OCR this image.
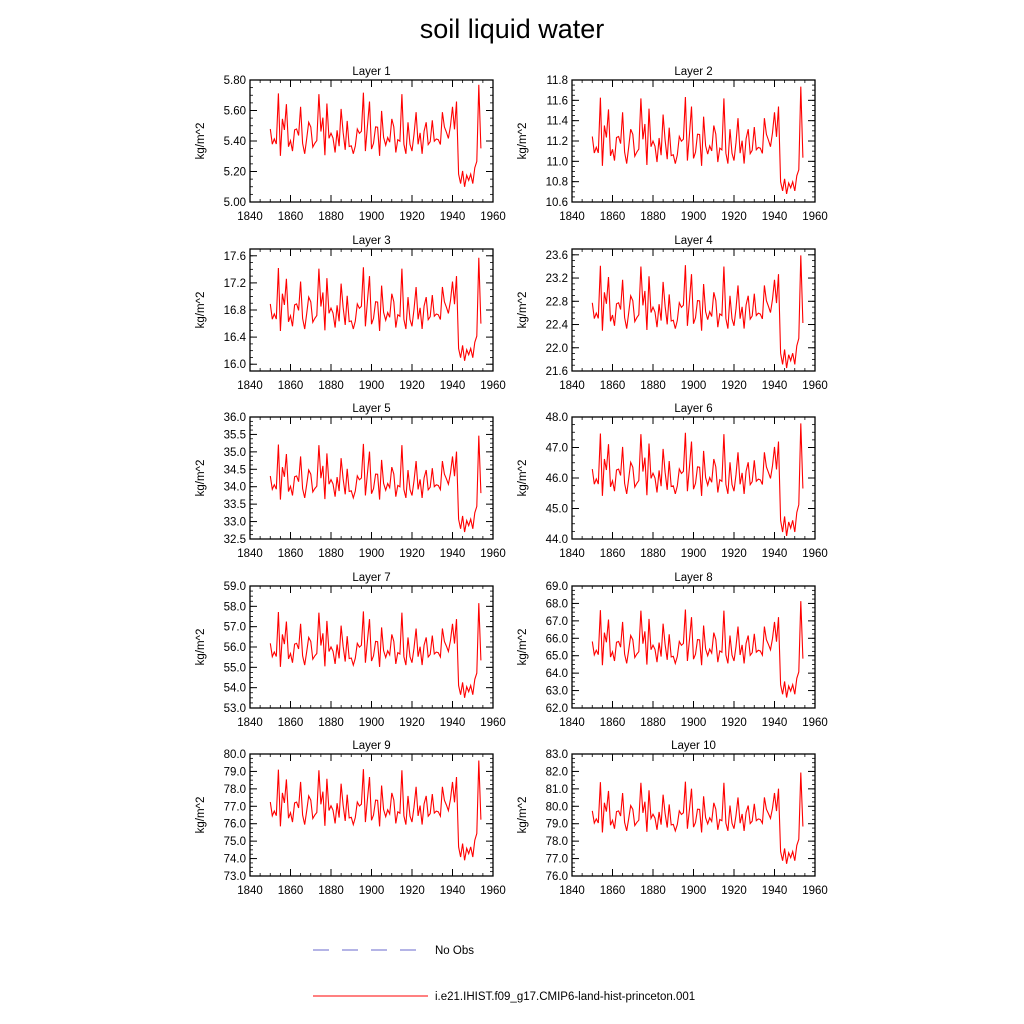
soil liquid water
Layer 1
kg/m^2
5.00
5.20
5.40
5.60
5.80
1840 1860 1880 1900 1920 1940 1960
Layer 2
kg/m^2
10.6
10.8
11.0
11.2
11.4
11.6
11.8
1840 1860 1880 1900 1920 1940 1960
Layer 3
kg/m^2
16.0
16.4
16.8
17.2
17.6
1840 1860 1880 1900 1920 1940 1960
Layer 4
kg/m^2
21.6
22.0
22.4
22.8
23.2
23.6
1840 1860 1880 1900 1920 1940 1960
Layer 5
kg/m^2
32.5
33.0
33.5
34.0
34.5
35.0
35.5
36.0
1840 1860 1880 1900 1920 1940 1960
Layer 6
kg/m^2
44.0
45.0
46.0
47.0
48.0
1840 1860 1880 1900 1920 1940 1960
Layer 7
kg/m^2
53.0
54.0
55.0
56.0
57.0
58.0
59.0
1840 1860 1880 1900 1920 1940 1960
Layer 8
kg/m^2
62.0
63.0
64.0
65.0
66.0
67.0
68.0
69.0
1840 1860 1880 1900 1920 1940 1960
Layer 9
kg/m^2
73.0
74.0
75.0
76.0
77.0
78.0
79.0
80.0
1840 1860 1880 1900 1920 1940 1960
Layer 10
kg/m^2
76.0
77.0
78.0
79.0
80.0
81.0
82.0
83.0
1840 1860 1880 1900 1920 1940 1960
No Obs
i.e21.IHIST.f09_g17.CMIP6-land-hist-princeton.001
